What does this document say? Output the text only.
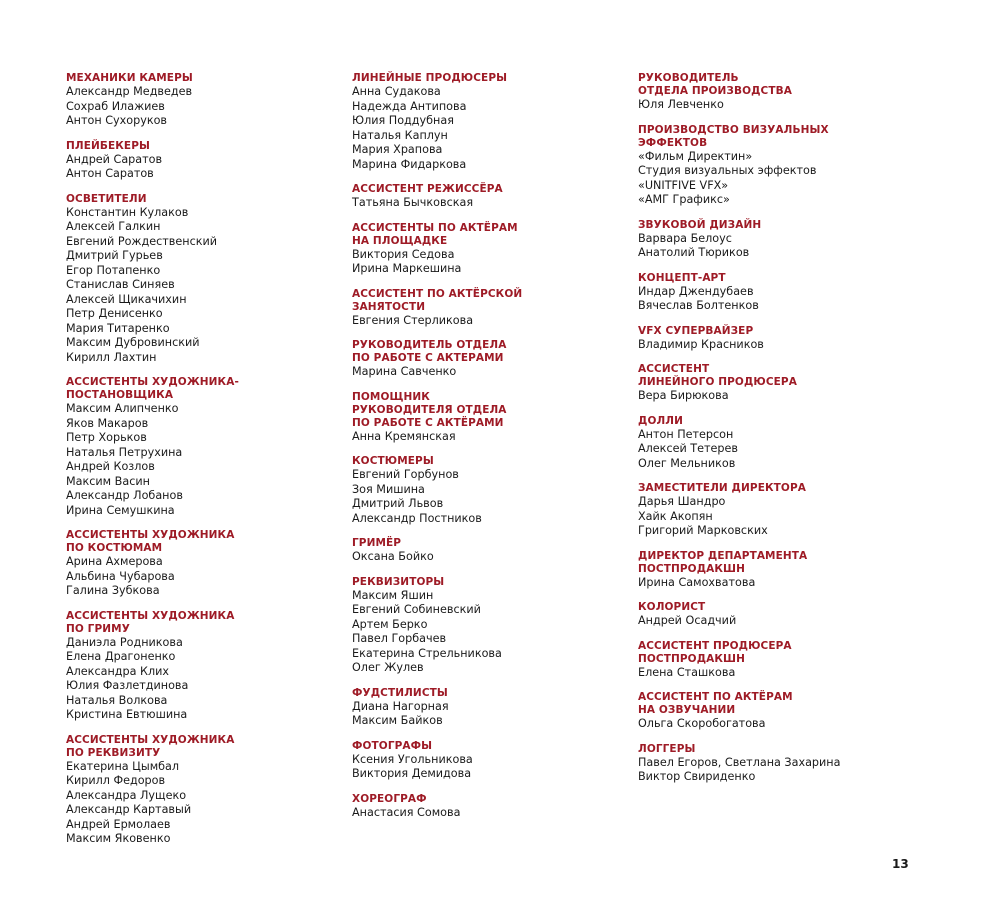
МЕХАНИКИ КАМЕРЫ
Александр Медведев
Сохраб Илажиев
Антон Сухоруков
ПЛЕЙБЕКЕРЫ
Андрей Саратов
Антон Саратов
ОСВЕТИТЕЛИ
Константин Кулаков
Алексей Галкин
Евгений Рождественский
Дмитрий Гурьев
Егор Потапенко
Станислав Синяев
Алексей Щикачихин
Петр Денисенко
Мария Титаренко
Максим Дубровинский
Кирилл Лахтин
АССИСТЕНТЫ ХУДОЖНИКА-
ПОСТАНОВЩИКА
Максим Алипченко
Яков Макаров
Петр Хорьков
Наталья Петрухина
Андрей Козлов
Максим Васин
Александр Лобанов
Ирина Семушкина
АССИСТЕНТЫ ХУДОЖНИКА
ПО КОСТЮМАМ
Арина Ахмерова
Альбина Чубарова
Галина Зубкова
АССИСТЕНТЫ ХУДОЖНИКА
ПО ГРИМУ
Даниэла Родникова
Елена Драгоненко
Александра Клих
Юлия Фазлетдинова
Наталья Волкова
Кристина Евтюшина
АССИСТЕНТЫ ХУДОЖНИКА
ПО РЕКВИЗИТУ
Екатерина Цымбал
Кирилл Федоров
Александра Лущеко
Александр Картавый
Андрей Ермолаев
Максим Яковенко
ЛИНЕЙНЫЕ ПРОДЮСЕРЫ
Анна Судакова
Надежда Антипова
Юлия Поддубная
Наталья Каплун
Мария Храпова
Марина Фидаркова
АССИСТЕНТ РЕЖИССЁРА
Татьяна Бычковская
АССИСТЕНТЫ ПО АКТЁРАМ
НА ПЛОЩАДКЕ
Виктория Седова
Ирина Маркешина
АССИСТЕНТ ПО АКТЁРСКОЙ
ЗАНЯТОСТИ
Евгения Стерликова
РУКОВОДИТЕЛЬ ОТДЕЛА
ПО РАБОТЕ С АКТЕРАМИ
Марина Савченко
ПОМОЩНИК
РУКОВОДИТЕЛЯ ОТДЕЛА
ПО РАБОТЕ С АКТЁРАМИ
Анна Кремянская
КОСТЮМЕРЫ
Евгений Горбунов
Зоя Мишина
Дмитрий Львов
Александр Постников
ГРИМЁР
Оксана Бойко
РЕКВИЗИТОРЫ
Максим Яшин
Евгений Собиневский
Артем Берко
Павел Горбачев
Екатерина Стрельникова
Олег Жулев
ФУДСТИЛИСТЫ
Диана Нагорная
Максим Байков
ФОТОГРАФЫ
Ксения Угольникова
Виктория Демидова
ХОРЕОГРАФ
Анастасия Сомова
РУКОВОДИТЕЛЬ
ОТДЕЛА ПРОИЗВОДСТВА
Юля Левченко
ПРОИЗВОДСТВО ВИЗУАЛЬНЫХ
ЭФФЕКТОВ
«Фильм Директин»
Студия визуальных эффектов
«UNITFIVE VFX»
«АМГ Графикс»
ЗВУКОВОЙ ДИЗАЙН
Варвара Белоус
Анатолий Тюриков
КОНЦЕПТ-АРТ
Индар Джендубаев
Вячеслав Болтенков
VFX СУПЕРВАЙЗЕР
Владимир Красников
АССИСТЕНТ
ЛИНЕЙНОГО ПРОДЮСЕРА
Вера Бирюкова
ДОЛЛИ
Антон Петерсон
Алексей Тетерев
Олег Мельников
ЗАМЕСТИТЕЛИ ДИРЕКТОРА
Дарья Шандро
Хайк Акопян
Григорий Марковских
ДИРЕКТОР ДЕПАРТАМЕНТА
ПОСТПРОДАКШН
Ирина Самохватова
КОЛОРИСТ
Андрей Осадчий
АССИСТЕНТ ПРОДЮСЕРА
ПОСТПРОДАКШН
Елена Сташкова
АССИСТЕНТ ПО АКТЁРАМ
НА ОЗВУЧАНИИ
Ольга Скоробогатова
ЛОГГЕРЫ
Павел Егоров, Светлана Захарина
Виктор Свириденко
13
